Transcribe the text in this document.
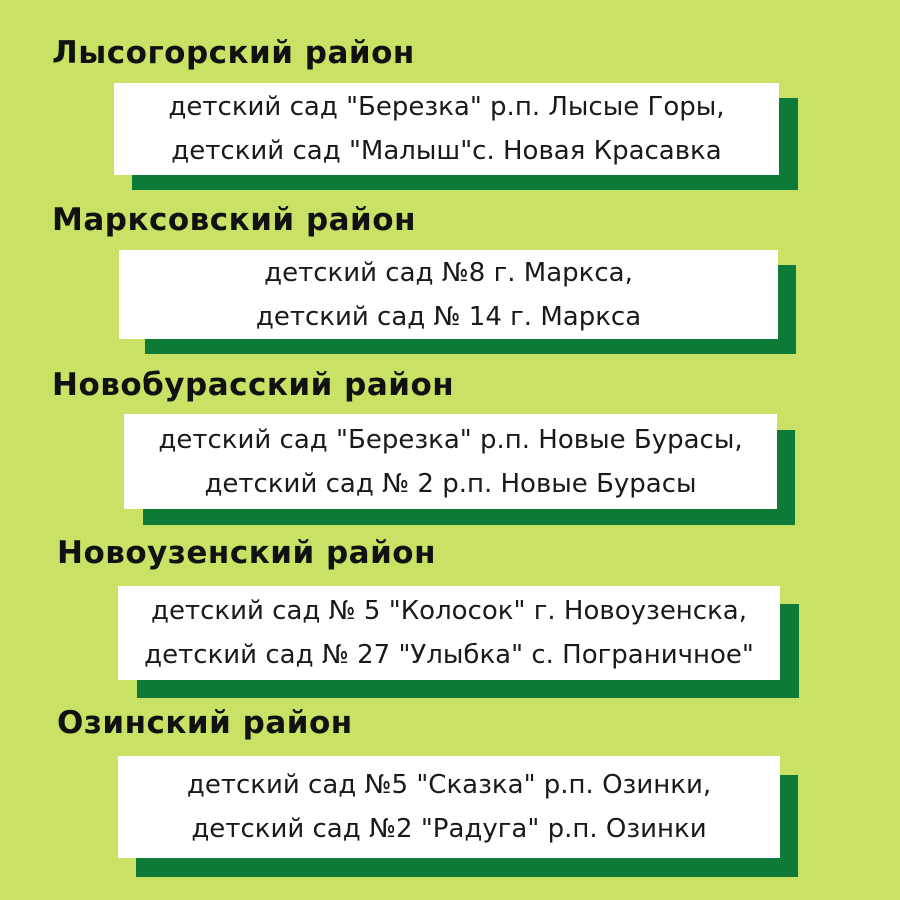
Лысогорский район
детский сад "Березка" р.п. Лысые Горы,
детский сад "Малыш"с. Новая Красавка
Марксовский район
детский сад №8 г. Маркса,
детский сад № 14 г. Маркса
Новобурасский район
детский сад "Березка" р.п. Новые Бурасы,
детский сад № 2 р.п. Новые Бурасы
Новоузенский район
детский сад № 5 "Колосок" г. Новоузенска,
детский сад № 27 "Улыбка" с. Пограничное"
Озинский район
детский сад №5 "Сказка" р.п. Озинки,
детский сад №2 "Радуга" р.п. Озинки
